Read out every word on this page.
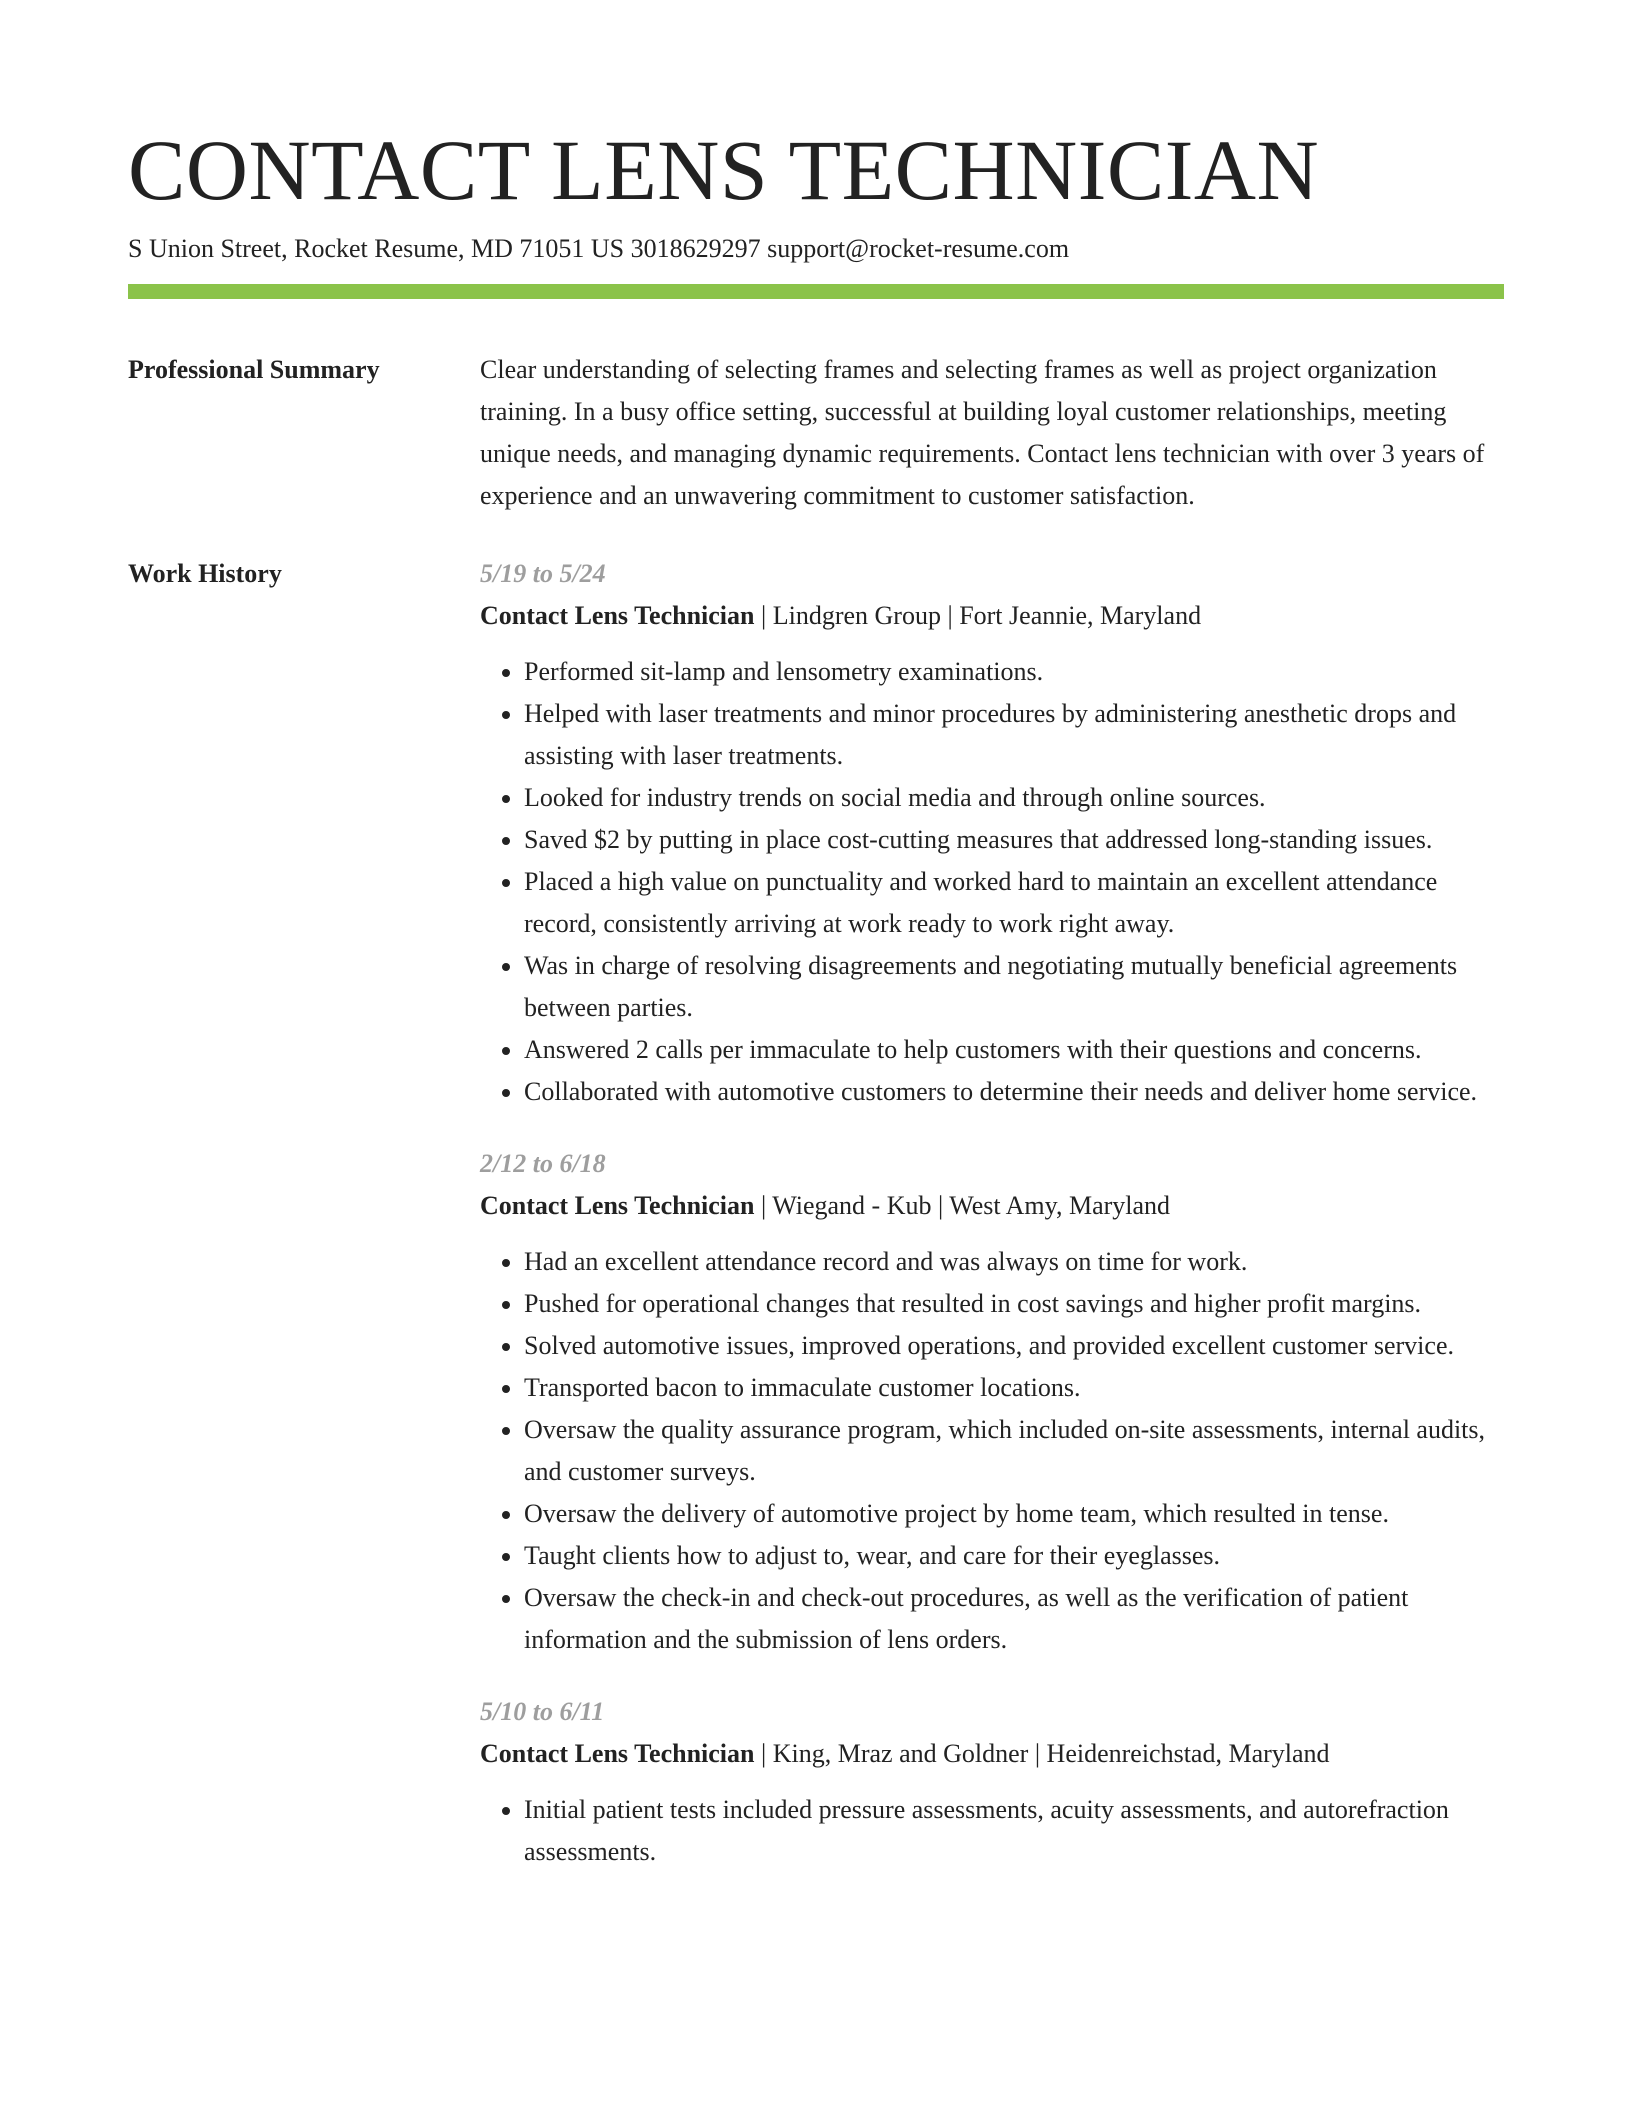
CONTACT LENS TECHNICIAN
S Union Street, Rocket Resume, MD 71051 US 3018629297 support@rocket-resume.com
Professional Summary	Clear understanding of selecting frames and selecting frames as well as project organization training. In a busy office setting, successful at building loyal customer relationships, meeting unique needs, and managing dynamic requirements. Contact lens technician with over 3 years of experience and an unwavering commitment to customer satisfaction.

Work History	5/19 to 5/24
Contact Lens Technician | Lindgren Group | Fort Jeannie, Maryland
• Performed sit-lamp and lensometry examinations.
• Helped with laser treatments and minor procedures by administering anesthetic drops and assisting with laser treatments.
• Looked for industry trends on social media and through online sources.
• Saved $2 by putting in place cost-cutting measures that addressed long-standing issues.
• Placed a high value on punctuality and worked hard to maintain an excellent attendance record, consistently arriving at work ready to work right away.
• Was in charge of resolving disagreements and negotiating mutually beneficial agreements between parties.
• Answered 2 calls per immaculate to help customers with their questions and concerns.
• Collaborated with automotive customers to determine their needs and deliver home service.
2/12 to 6/18
Contact Lens Technician | Wiegand - Kub | West Amy, Maryland
• Had an excellent attendance record and was always on time for work.
• Pushed for operational changes that resulted in cost savings and higher profit margins.
• Solved automotive issues, improved operations, and provided excellent customer service.
• Transported bacon to immaculate customer locations.
• Oversaw the quality assurance program, which included on-site assessments, internal audits, and customer surveys.
• Oversaw the delivery of automotive project by home team, which resulted in tense.
• Taught clients how to adjust to, wear, and care for their eyeglasses.
• Oversaw the check-in and check-out procedures, as well as the verification of patient information and the submission of lens orders.
5/10 to 6/11
Contact Lens Technician | King, Mraz and Goldner | Heidenreichstad, Maryland
• Initial patient tests included pressure assessments, acuity assessments, and autorefraction assessments.
